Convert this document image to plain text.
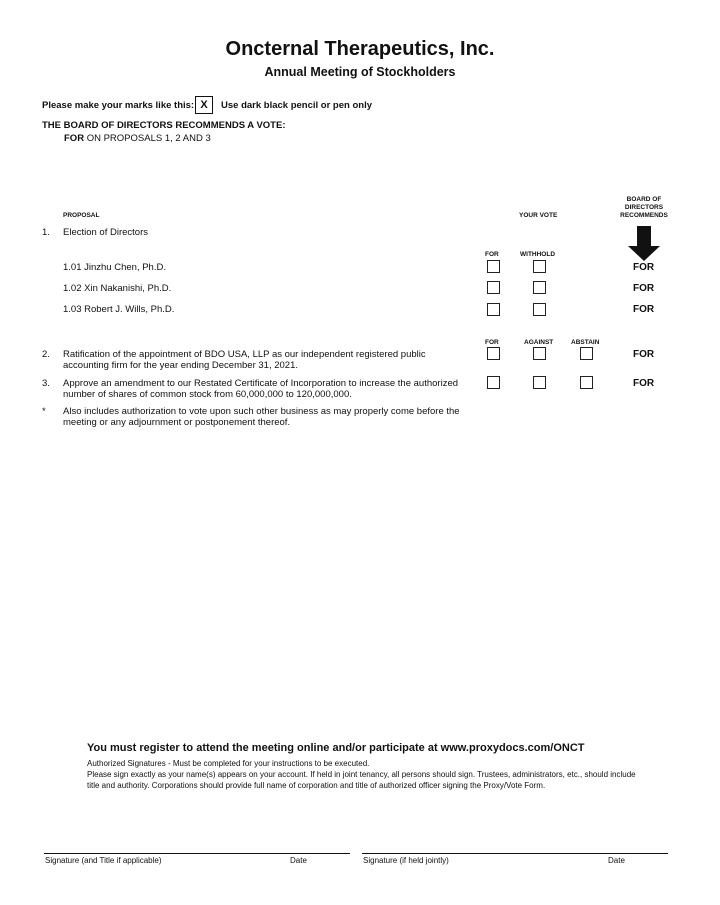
Oncternal Therapeutics, Inc.
Annual Meeting of Stockholders
Please make your marks like this: X	Use dark black pencil or pen only
THE BOARD OF DIRECTORS RECOMMENDS A VOTE:
FOR ON PROPOSALS 1, 2 AND 3
PROPOSAL	YOUR VOTE
BOARD OF DIRECTORS RECOMMENDS
1. Election of Directors
FOR	WITHHOLD
1.01 Jinzhu Chen, Ph.D.	FOR
1.02 Xin Nakanishi, Ph.D.	FOR
1.03 Robert J. Wills, Ph.D.	FOR
FOR	AGAINST	ABSTAIN
2. Ratification of the appointment of BDO USA, LLP as our independent registered public accounting firm for the year ending December 31, 2021.
FOR
3. Approve an amendment to our Restated Certificate of Incorporation to increase the authorized number of shares of common stock from 60,000,000 to 120,000,000.
FOR
* Also includes authorization to vote upon such other business as may properly come before the meeting or any adjournment or postponement thereof.
You must register to attend the meeting online and/or participate at www.proxydocs.com/ONCT
Authorized Signatures - Must be completed for your instructions to be executed.
Please sign exactly as your name(s) appears on your account. If held in joint tenancy, all persons should sign. Trustees, administrators, etc., should include title and authority. Corporations should provide full name of corporation and title of authorized officer signing the Proxy/Vote Form.
Signature (and Title if applicable)	Date	Signature (if held jointly)	Date
